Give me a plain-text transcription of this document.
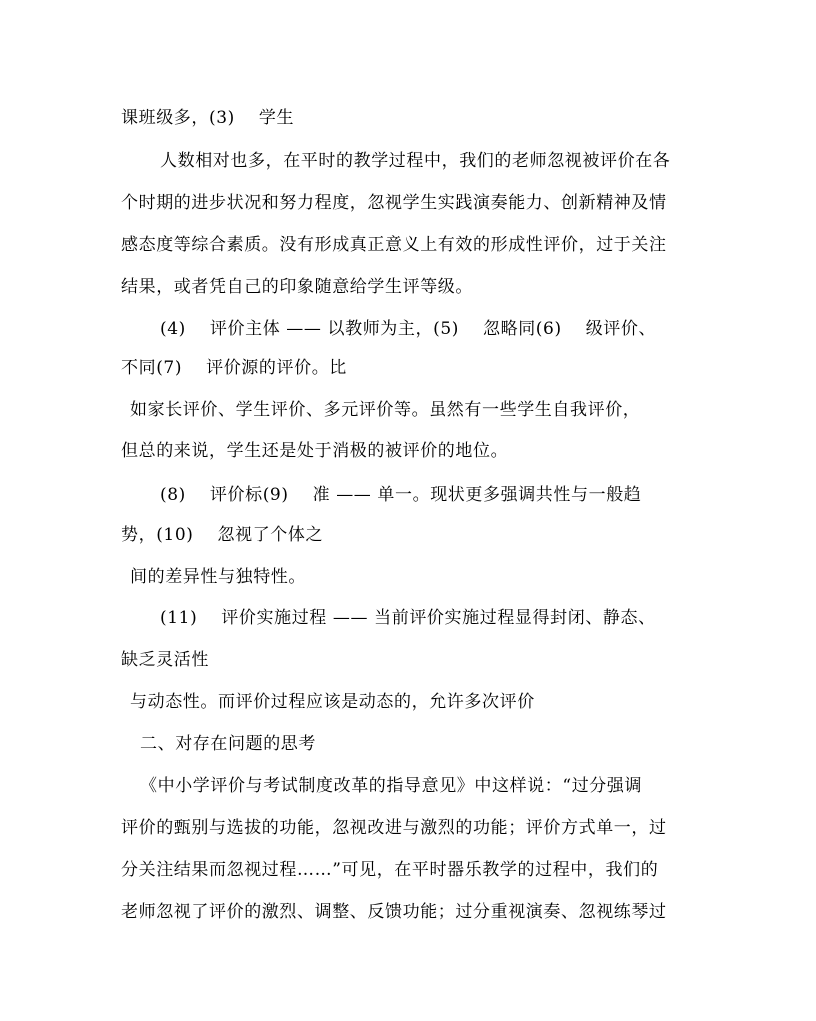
课班级多，(3)    学生
人数相对也多，在平时的教学过程中，我们的老师忽视被评价在各
个时期的进步状况和努力程度，忽视学生实践演奏能力、创新精神及情
感态度等综合素质。没有形成真正意义上有效的形成性评价，过于关注
结果，或者凭自己的印象随意给学生评等级。
(4)    评价主体 —— 以教师为主，(5)    忽略同(6)    级评价、
不同(7)    评价源的评价。比
如家长评价、学生评价、多元评价等。虽然有一些学生自我评价，
但总的来说，学生还是处于消极的被评价的地位。
(8)    评价标(9)    准 —— 单一。现状更多强调共性与一般趋
势，(10)    忽视了个体之
间的差异性与独特性。
(11)    评价实施过程 —— 当前评价实施过程显得封闭、静态、
缺乏灵活性
与动态性。而评价过程应该是动态的，允许多次评价
二、对存在问题的思考
《中小学评价与考试制度改革的指导意见》中这样说：“过分强调
评价的甄别与选拔的功能，忽视改进与激烈的功能；评价方式单一，过
分关注结果而忽视过程……”可见，在平时器乐教学的过程中，我们的
老师忽视了评价的激烈、调整、反馈功能；过分重视演奏、忽视练琴过
